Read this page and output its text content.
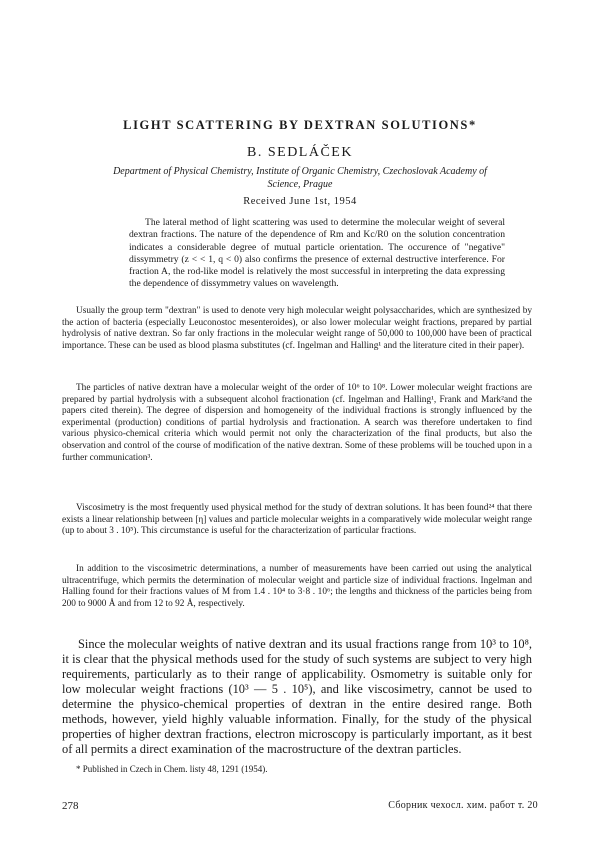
LIGHT SCATTERING BY DEXTRAN SOLUTIONS*
B. SEDLÁČEK
Department of Physical Chemistry, Institute of Organic Chemistry, Czechoslovak Academy of Science, Prague
Received June 1st, 1954

The lateral method of light scattering was used to determine the molecular weight of several dextran fractions. The nature of the dependence of Rm and Kc/R0 on the solution concentration indicates a considerable degree of mutual particle orientation. The occurence of "negative" dissymmetry (z < < 1, q < 0) also confirms the presence of external destructive interference. For fraction A, the rod-like model is relatively the most successful in interpreting the data expressing the dependence of dissymmetry values on wavelength.

Usually the group term "dextran" is used to denote very high molecular weight polysaccharides, which are synthesized by the action of bacteria (especially Leuconostoc mesenteroides), or also lower molecular weight fractions, prepared by partial hydrolysis of native dextran. So far only fractions in the molecular weight range of 50,000 to 100,000 have been of practical importance. These can be used as blood plasma substitutes (cf. Ingelman and Halling¹ and the literature cited in their paper).

The particles of native dextran have a molecular weight of the order of 10⁶ to 10⁸. Lower molecular weight fractions are prepared by partial hydrolysis with a subsequent alcohol fractionation (cf. Ingelman and Halling¹, Frank and Mark²and the papers cited therein). The degree of dispersion and homogeneity of the individual fractions is strongly influenced by the experimental (production) conditions of partial hydrolysis and fractionation. A search was therefore undertaken to find various physico-chemical criteria which would permit not only the characterization of the final products, but also the observation and control of the course of modification of the native dextran. Some of these problems will be touched upon in a further communication³.

Viscosimetry is the most frequently used physical method for the study of dextran solutions. It has been found²⁴ that there exists a linear relationship between [η] values and particle molecular weights in a comparatively wide molecular weight range (up to about 3 . 10⁵). This circumstance is useful for the characterization of particular fractions.

In addition to the viscosimetric determinations, a number of measurements have been carried out using the analytical ultracentrifuge, which permits the determination of molecular weight and particle size of individual fractions. Ingelman and Halling found for their fractions values of M from 1.4 . 10⁴ to 3·8 . 10⁶; the lengths and thickness of the particles being from 200 to 9000 Å and from 12 to 92 Å, respectively.

Since the molecular weights of native dextran and its usual fractions range from 10³ to 10⁸, it is clear that the physical methods used for the study of such systems are subject to very high requirements, particularly as to their range of applicability. Osmometry is suitable only for low molecular weight fractions (10³ — 5 . 10⁵), and like viscosimetry, cannot be used to determine the physico-chemical properties of dextran in the entire desired range. Both methods, however, yield highly valuable information. Finally, for the study of the physical properties of higher dextran fractions, electron microscopy is particularly important, as it best of all permits a direct examination of the macrostructure of the dextran particles.

* Published in Czech in Chem. listy 48, 1291 (1954).
278	Сборник чехосл. хим. работ т. 20
